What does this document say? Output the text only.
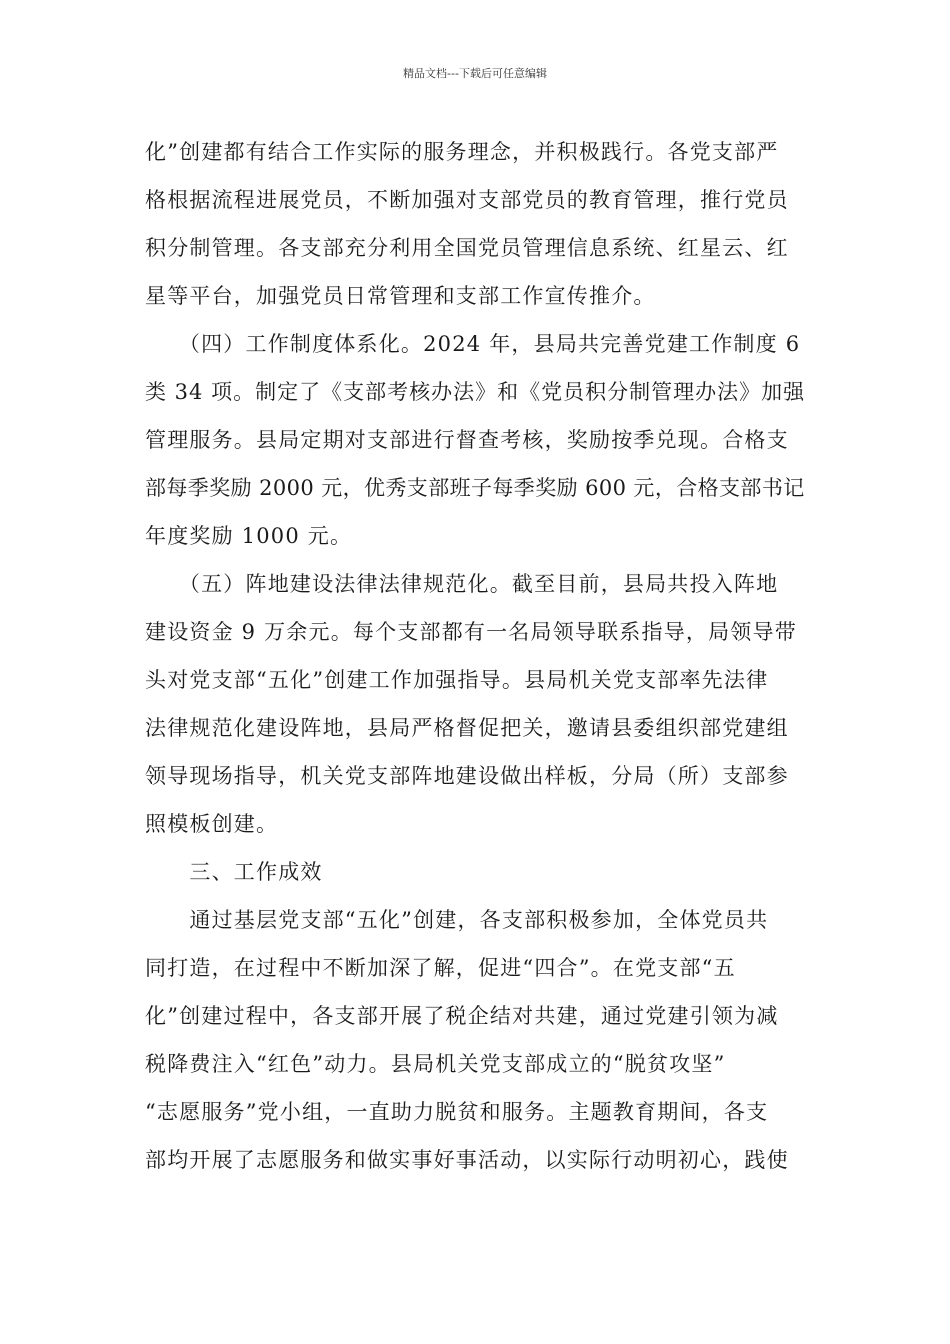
精品文档---下载后可任意编辑

化”创建都有结合工作实际的服务理念，并积极践行。各党支部严

格根据流程进展党员，不断加强对支部党员的教育管理，推行党员

积分制管理。各支部充分利用全国党员管理信息系统、红星云、红

星等平台，加强党员日常管理和支部工作宣传推介。

　　（四）工作制度体系化。2024 年，县局共完善党建工作制度 6

类 34 项。制定了《支部考核办法》和《党员积分制管理办法》加强

管理服务。县局定期对支部进行督查考核，奖励按季兑现。合格支

部每季奖励 2000 元，优秀支部班子每季奖励 600 元，合格支部书记

年度奖励 1000 元。

　　（五）阵地建设法律法律规范化。截至目前，县局共投入阵地

建设资金 9 万余元。每个支部都有一名局领导联系指导，局领导带

头对党支部“五化”创建工作加强指导。县局机关党支部率先法律

法律规范化建设阵地，县局严格督促把关，邀请县委组织部党建组

领导现场指导，机关党支部阵地建设做出样板，分局（所）支部参

照模板创建。

　　三、工作成效

　　通过基层党支部“五化”创建，各支部积极参加，全体党员共

同打造，在过程中不断加深了解，促进“四合”。在党支部“五

化”创建过程中，各支部开展了税企结对共建，通过党建引领为减

税降费注入“红色”动力。县局机关党支部成立的“脱贫攻坚”

“志愿服务”党小组，一直助力脱贫和服务。主题教育期间，各支

部均开展了志愿服务和做实事好事活动，以实际行动明初心，践使
